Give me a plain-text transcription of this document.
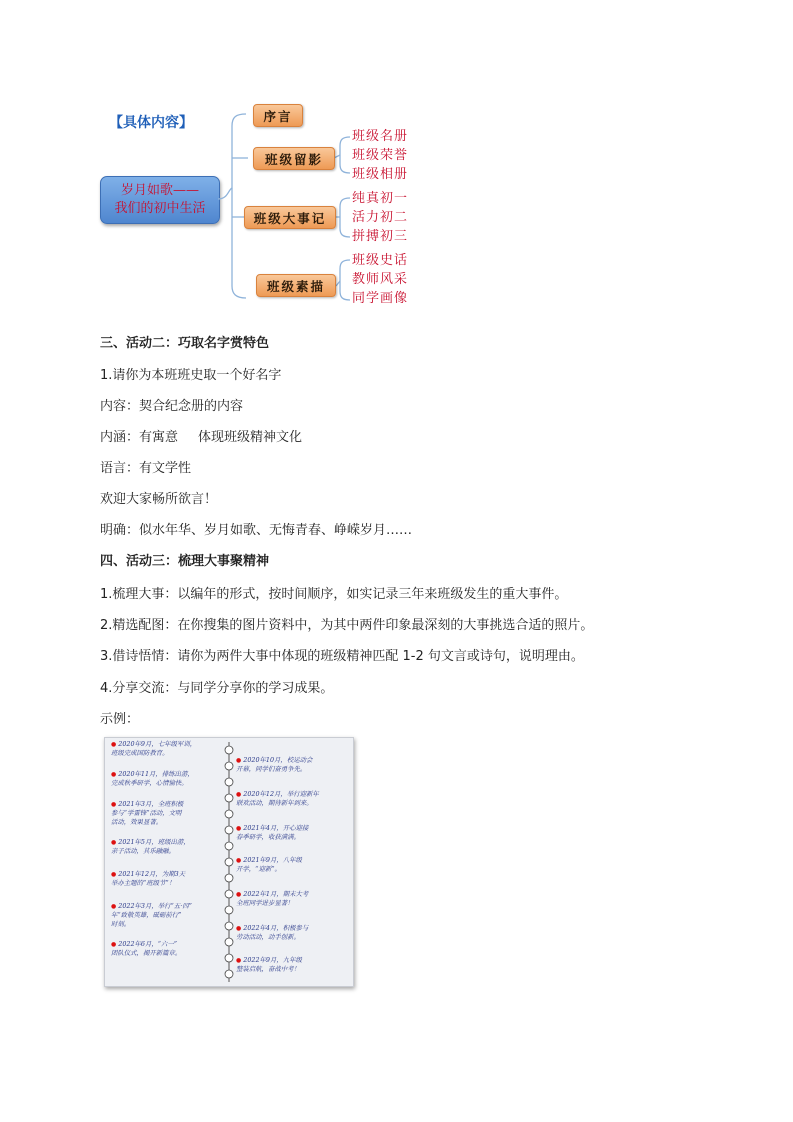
【具体内容】
岁月如歌——
我们的初中生活
序言
班级留影
班级名册
班级荣誉
班级相册
班级大事记
纯真初一
活力初二
拼搏初三
班级素描
班级史话
教师风采
同学画像
三、活动二：巧取名字赏特色
1.请你为本班班史取一个好名字
内容：契合纪念册的内容
内涵：有寓意 体现班级精神文化
语言：有文学性
欢迎大家畅所欲言！
明确：似水年华、岁月如歌、无悔青春、峥嵘岁月……
四、活动三：梳理大事聚精神
1.梳理大事：以编年的形式，按时间顺序，如实记录三年来班级发生的重大事件。
2.精选配图：在你搜集的图片资料中，为其中两件印象最深刻的大事挑选合适的照片。
3.借诗悟情：请你为两件大事中体现的班级精神匹配 1-2 句文言或诗句，说明理由。
4.分享交流：与同学分享你的学习成果。
示例：
● 2020年9月，七年级军训，
班级完成国防教育。
● 2020年11月，排练出游，
完成秋季研学，心情愉快。
● 2021年3月，全班积极
参与“学雷锋”活动，文明
活动，效果显著。
● 2021年5月，班级出游，
亲子活动，其乐融融。
● 2021年12月，为期3天
举办主题的“班级节”！
● 2022年3月，举行“五·四”
年“致敬英雄，砥砺前行”
时刻。
● 2022年6月，“六一”
团队仪式，揭开新篇章。
● 2020年10月，校运动会
开幕，同学们奋勇争先。
● 2020年12月，举行迎新年
联欢活动，期待新年到来。
● 2021年4月，开心迎接
春季研学，收获满满。
● 2021年9月，八年级
开学，“迎新”。
● 2022年1月，期末大考
全班同学进步显著！
● 2022年4月，积极参与
劳动活动，动手创新。
● 2022年9月，九年级
整装启航，奋战中考！
